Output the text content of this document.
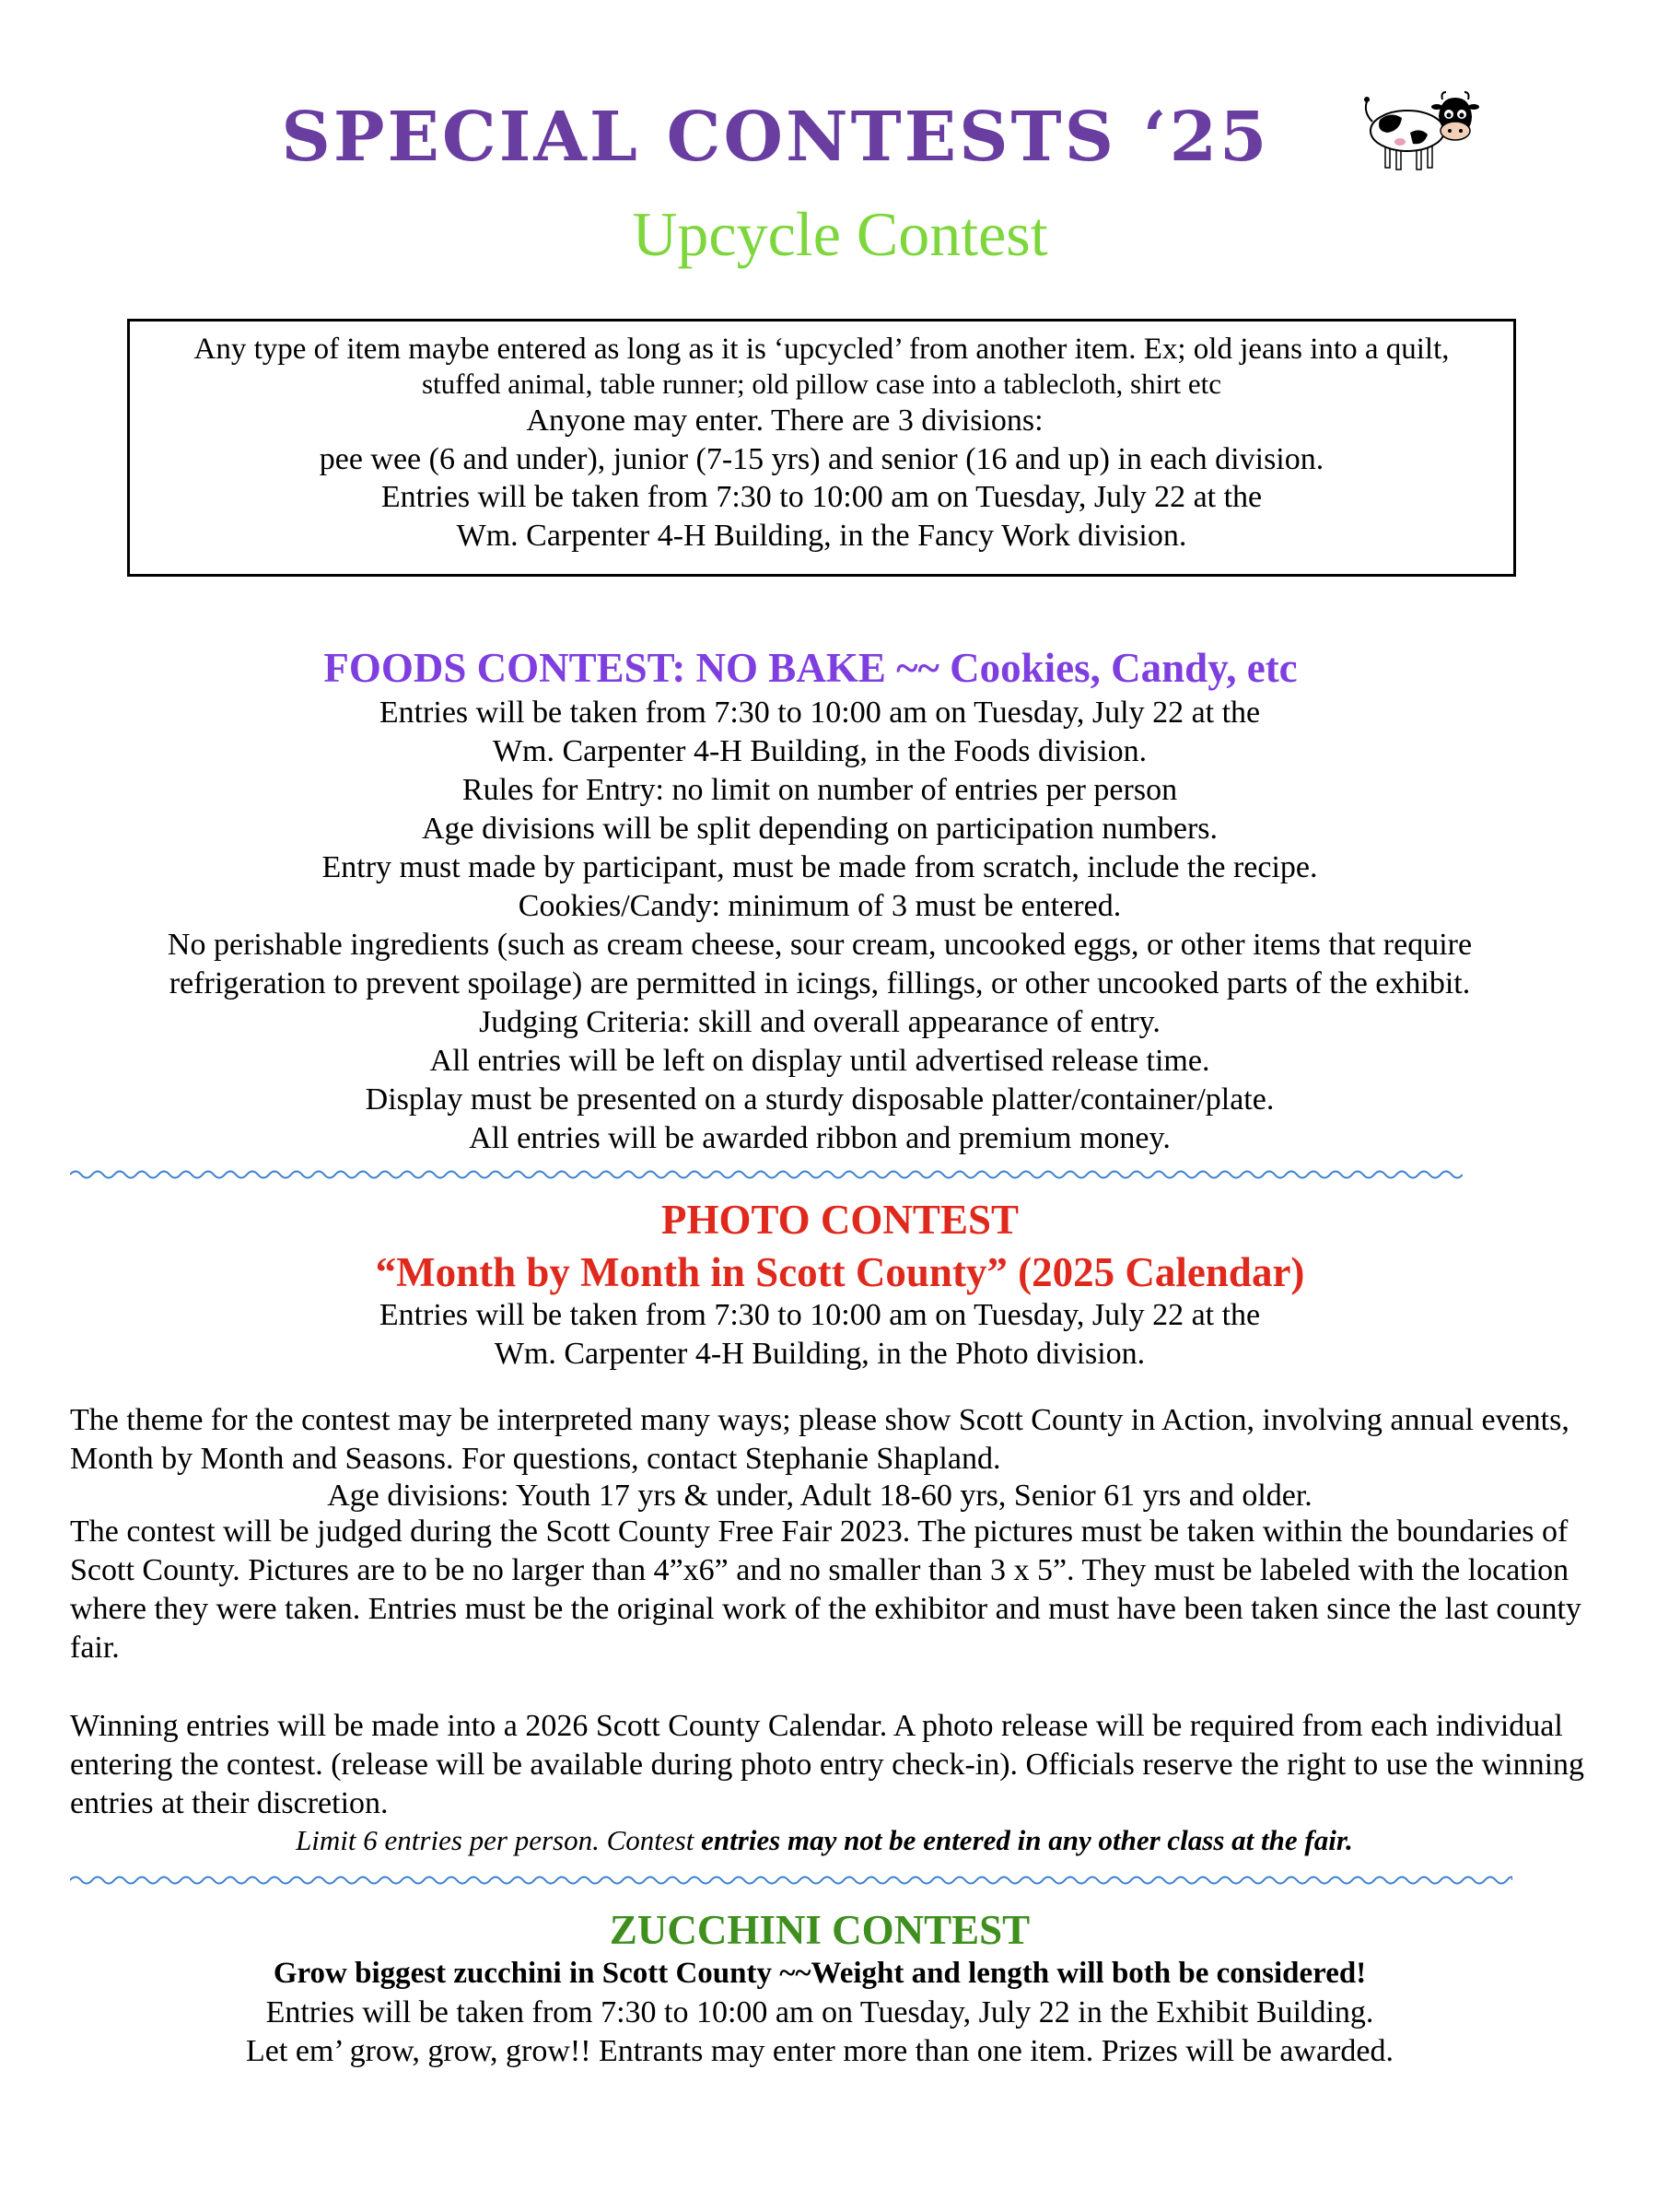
SPECIAL CONTESTS ‘25
Upcycle Contest
Any type of item maybe entered as long as it is ‘upcycled’ from another item. Ex; old jeans into a quilt,
stuffed animal, table runner; old pillow case into a tablecloth, shirt etc
Anyone may enter. There are 3 divisions:
pee wee (6 and under), junior (7-15 yrs) and senior (16 and up) in each division.
Entries will be taken from 7:30 to 10:00 am on Tuesday, July 22 at the
Wm. Carpenter 4-H Building, in the Fancy Work division.
FOODS CONTEST: NO BAKE ~~ Cookies, Candy, etc
Entries will be taken from 7:30 to 10:00 am on Tuesday, July 22 at the
Wm. Carpenter 4-H Building, in the Foods division.
Rules for Entry: no limit on number of entries per person
Age divisions will be split depending on participation numbers.
Entry must made by participant, must be made from scratch, include the recipe.
Cookies/Candy: minimum of 3 must be entered.
No perishable ingredients (such as cream cheese, sour cream, uncooked eggs, or other items that require
refrigeration to prevent spoilage) are permitted in icings, fillings, or other uncooked parts of the exhibit.
Judging Criteria: skill and overall appearance of entry.
All entries will be left on display until advertised release time.
Display must be presented on a sturdy disposable platter/container/plate.
All entries will be awarded ribbon and premium money.
PHOTO CONTEST
“Month by Month in Scott County” (2025 Calendar)
Entries will be taken from 7:30 to 10:00 am on Tuesday, July 22 at the
Wm. Carpenter 4-H Building, in the Photo division.
The theme for the contest may be interpreted many ways; please show Scott County in Action, involving annual events, Month by Month and Seasons. For questions, contact Stephanie Shapland.
Age divisions: Youth 17 yrs & under, Adult 18-60 yrs, Senior 61 yrs and older.
The contest will be judged during the Scott County Free Fair 2023. The pictures must be taken within the boundaries of Scott County. Pictures are to be no larger than 4”x6” and no smaller than 3 x 5”. They must be labeled with the location where they were taken. Entries must be the original work of the exhibitor and must have been taken since the last county fair.
Winning entries will be made into a 2026 Scott County Calendar. A photo release will be required from each individual entering the contest. (release will be available during photo entry check-in). Officials reserve the right to use the winning entries at their discretion.
Limit 6 entries per person. Contest entries may not be entered in any other class at the fair.
ZUCCHINI CONTEST
Grow biggest zucchini in Scott County ~~Weight and length will both be considered!
Entries will be taken from 7:30 to 10:00 am on Tuesday, July 22 in the Exhibit Building.
Let em’ grow, grow, grow!! Entrants may enter more than one item. Prizes will be awarded.
